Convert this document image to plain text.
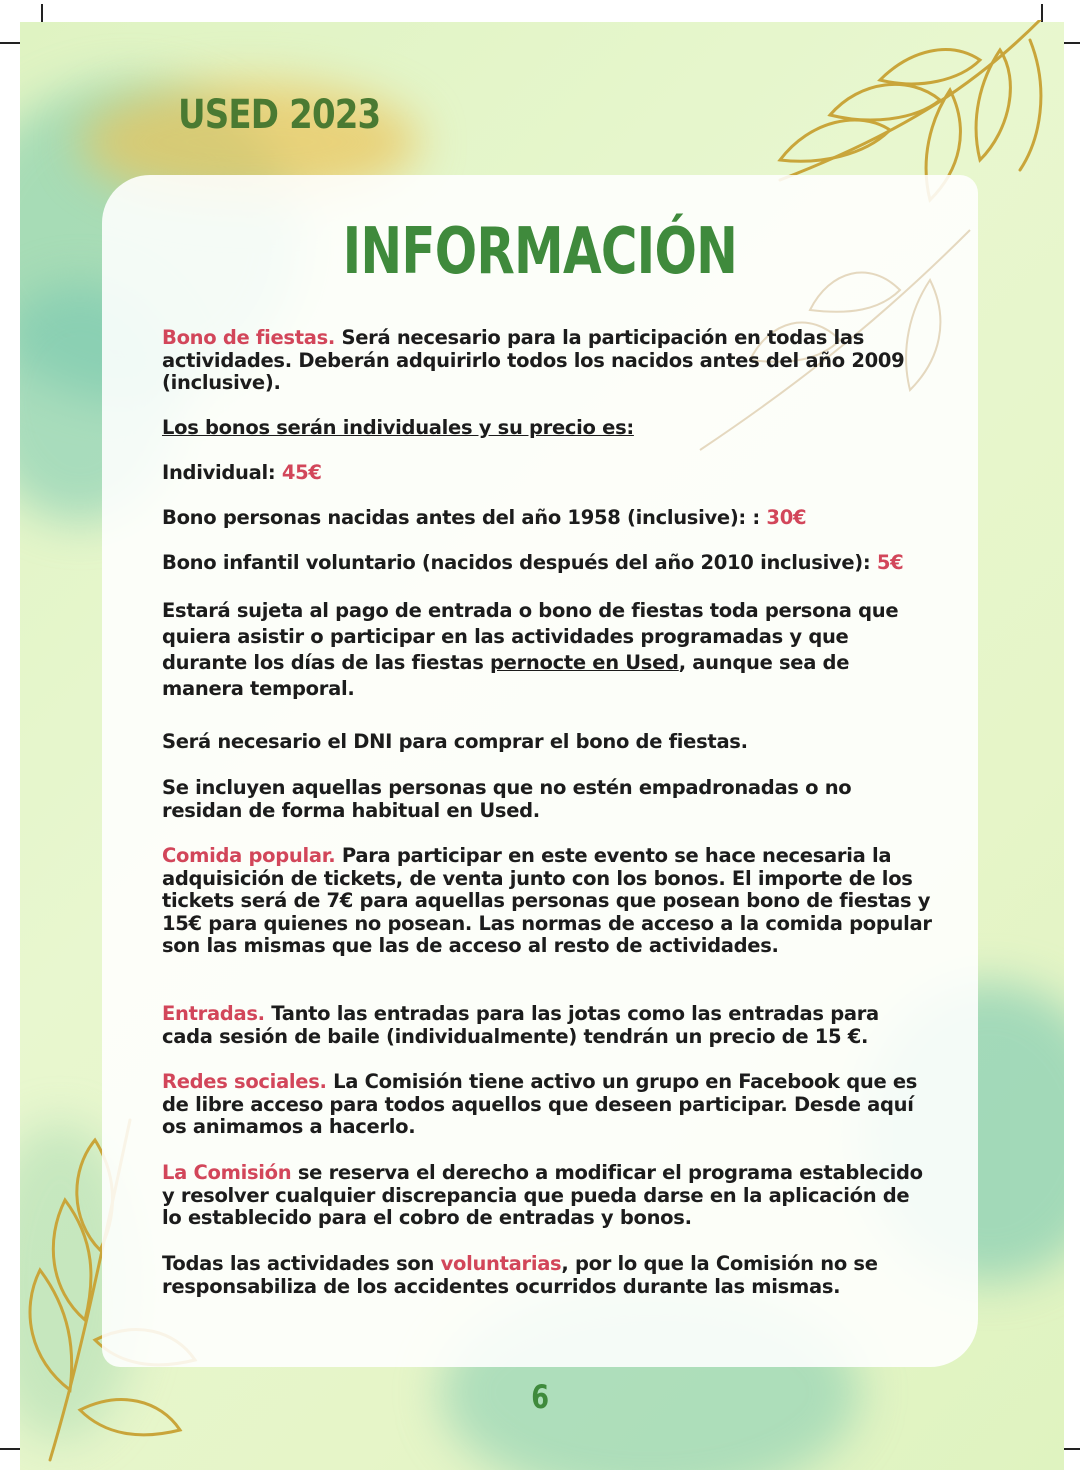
USED 2023
INFORMACIÓN

Bono de fiestas. Será necesario para la participación en todas las actividades. Deberán adquirirlo todos los nacidos antes del año 2009 (inclusive).

Los bonos serán individuales y su precio es:

Individual: 45€

Bono personas nacidas antes del año 1958 (inclusive): : 30€

Bono infantil voluntario (nacidos después del año 2010 inclusive): 5€

Estará sujeta al pago de entrada o bono de fiestas toda persona que quiera asistir o participar en las actividades programadas y que durante los días de las fiestas pernocte en Used, aunque sea de manera temporal.

Será necesario el DNI para comprar el bono de fiestas.

Se incluyen aquellas personas que no estén empadronadas o no residan de forma habitual en Used.

Comida popular. Para participar en este evento se hace necesaria la adquisición de tickets, de venta junto con los bonos. El importe de los tickets será de 7€ para aquellas personas que posean bono de fiestas y 15€ para quienes no posean. Las normas de acceso a la comida popular son las mismas que las de acceso al resto de actividades.

Entradas. Tanto las entradas para las jotas como las entradas para cada sesión de baile (individualmente) tendrán un precio de 15 €.

Redes sociales. La Comisión tiene activo un grupo en Facebook que es de libre acceso para todos aquellos que deseen participar. Desde aquí os animamos a hacerlo.

La Comisión se reserva el derecho a modificar el programa establecido y resolver cualquier discrepancia que pueda darse en la aplicación de lo establecido para el cobro de entradas y bonos.

Todas las actividades son voluntarias, por lo que la Comisión no se responsabiliza de los accidentes ocurridos durante las mismas.

6
